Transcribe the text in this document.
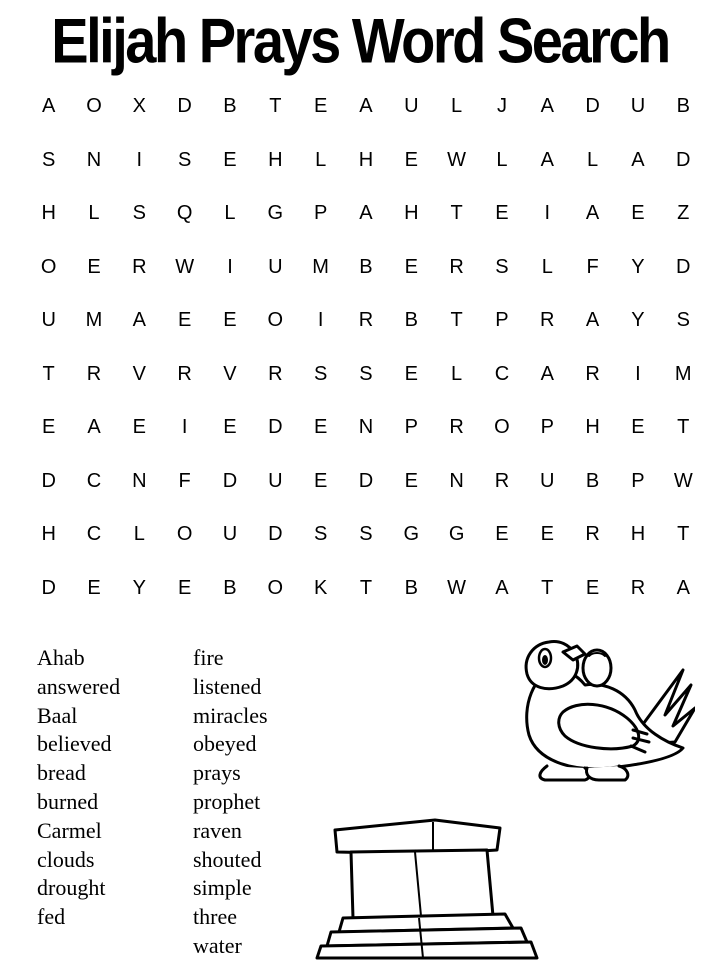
Elijah Prays Word Search
A	O	X	D	B	T	E	A	U	L	J	A	D	U	B
S	N	I	S	E	H	L	H	E	W	L	A	L	A	D
H	L	S	Q	L	G	P	A	H	T	E	I	A	E	Z
O	E	R	W	I	U	M	B	E	R	S	L	F	Y	D
U	M	A	E	E	O	I	R	B	T	P	R	A	Y	S
T	R	V	R	V	R	S	S	E	L	C	A	R	I	M
E	A	E	I	E	D	E	N	P	R	O	P	H	E	T
D	C	N	F	D	U	E	D	E	N	R	U	B	P	W
H	C	L	O	U	D	S	S	G	G	E	E	R	H	T
D	E	Y	E	B	O	K	T	B	W	A	T	E	R	A
Ahab
answered
Baal
believed
bread
burned
Carmel
clouds
drought
fed
fire
listened
miracles
obeyed
prays
prophet
raven
shouted
simple
three
water
